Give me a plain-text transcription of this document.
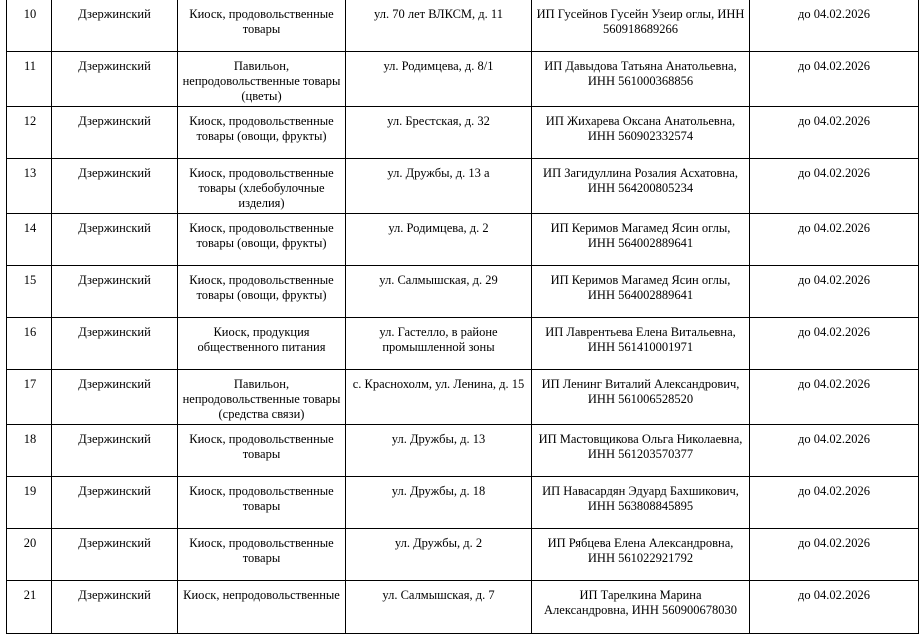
10	Дзержинский	Киоск, продовольственные товары	ул. 70 лет ВЛКСМ, д. 11	ИП Гусейнов Гусейн Узеир оглы, ИНН 560918689266	до 04.02.2026
11	Дзержинский	Павильон, непродовольственные товары (цветы)	ул. Родимцева, д. 8/1	ИП Давыдова Татьяна Анатольевна, ИНН 561000368856	до 04.02.2026
12	Дзержинский	Киоск, продовольственные товары (овощи, фрукты)	ул. Брестская, д. 32	ИП Жихарева Оксана Анатольевна, ИНН 560902332574	до 04.02.2026
13	Дзержинский	Киоск, продовольственные товары (хлебобулочные изделия)	ул. Дружбы, д. 13 а	ИП Загидуллина Розалия Асхатовна, ИНН 564200805234	до 04.02.2026
14	Дзержинский	Киоск, продовольственные товары (овощи, фрукты)	ул. Родимцева, д. 2	ИП Керимов Магамед Ясин оглы, ИНН 564002889641	до 04.02.2026
15	Дзержинский	Киоск, продовольственные товары (овощи, фрукты)	ул. Салмышская, д. 29	ИП Керимов Магамед Ясин оглы, ИНН 564002889641	до 04.02.2026
16	Дзержинский	Киоск, продукция общественного питания	ул. Гастелло, в районе промышленной зоны	ИП Лаврентьева Елена Витальевна, ИНН 561410001971	до 04.02.2026
17	Дзержинский	Павильон, непродовольственные товары (средства связи)	с. Краснохолм, ул. Ленина, д. 15	ИП Ленинг Виталий Александрович, ИНН 561006528520	до 04.02.2026
18	Дзержинский	Киоск, продовольственные товары	ул. Дружбы, д. 13	ИП Мастовщикова Ольга Николаевна, ИНН 561203570377	до 04.02.2026
19	Дзержинский	Киоск, продовольственные товары	ул. Дружбы, д. 18	ИП Навасардян Эдуард Бахшикович, ИНН 563808845895	до 04.02.2026
20	Дзержинский	Киоск, продовольственные товары	ул. Дружбы, д. 2	ИП Рябцева Елена Александровна, ИНН 561022921792	до 04.02.2026
21	Дзержинский	Киоск, непродовольственные	ул. Салмышская, д. 7	ИП Тарелкина Марина Александровна, ИНН 560900678030	до 04.02.2026
